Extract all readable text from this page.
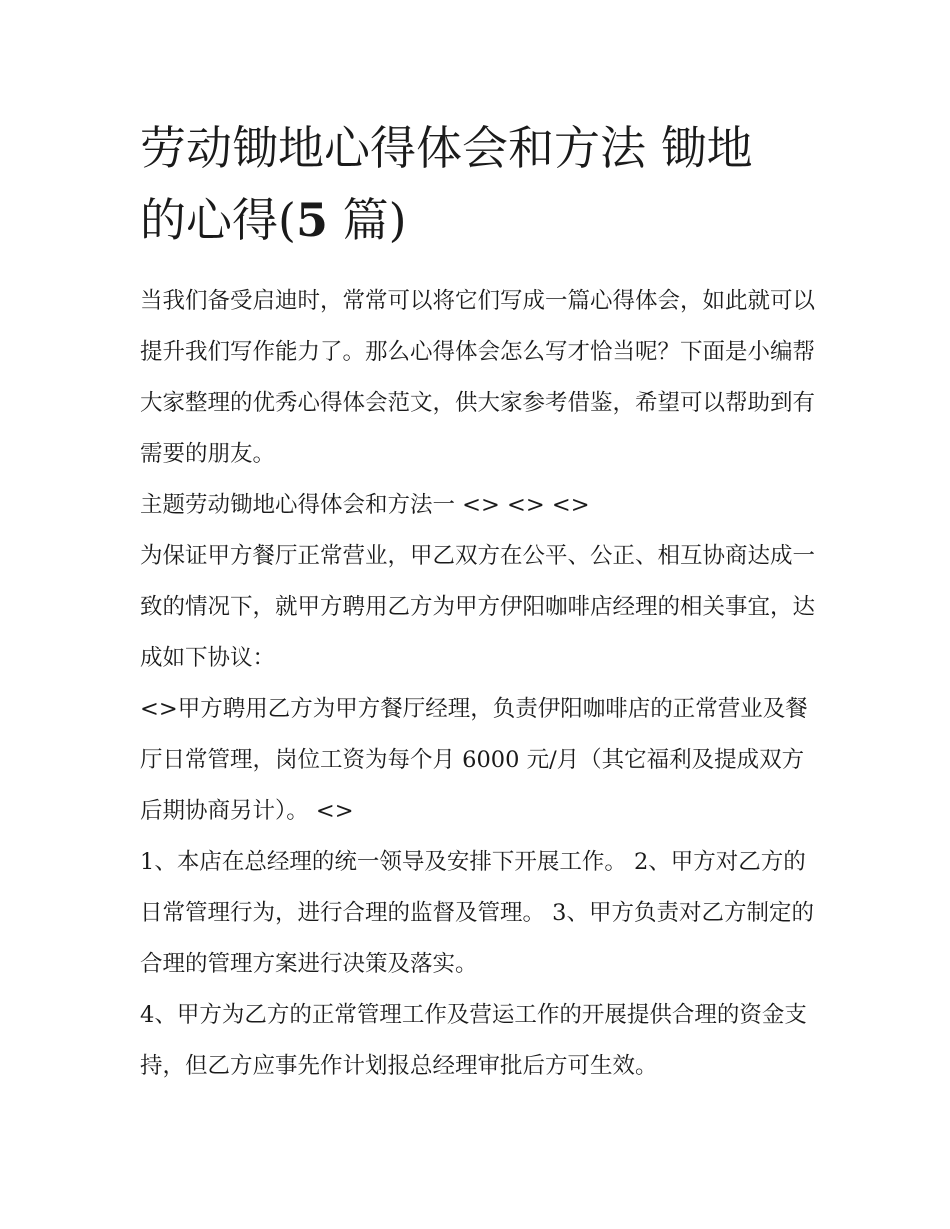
劳动锄地心得体会和方法 锄地
的心得(5 篇)

当我们备受启迪时，常常可以将它们写成一篇心得体会，如此就可以提升我们写作能力了。那么心得体会怎么写才恰当呢？下面是小编帮大家整理的优秀心得体会范文，供大家参考借鉴，希望可以帮助到有需要的朋友。

主题劳动锄地心得体会和方法一 <> <> <>

为保证甲方餐厅正常营业，甲乙双方在公平、公正、相互协商达成一致的情况下，就甲方聘用乙方为甲方伊阳咖啡店经理的相关事宜，达成如下协议：

<>甲方聘用乙方为甲方餐厅经理，负责伊阳咖啡店的正常营业及餐厅日常管理，岗位工资为每个月 6000 元/月（其它福利及提成双方后期协商另计）。 <>

1、本店在总经理的统一领导及安排下开展工作。 2、甲方对乙方的日常管理行为，进行合理的监督及管理。 3、甲方负责对乙方制定的合理的管理方案进行决策及落实。

4、甲方为乙方的正常管理工作及营运工作的开展提供合理的资金支持，但乙方应事先作计划报总经理审批后方可生效。
